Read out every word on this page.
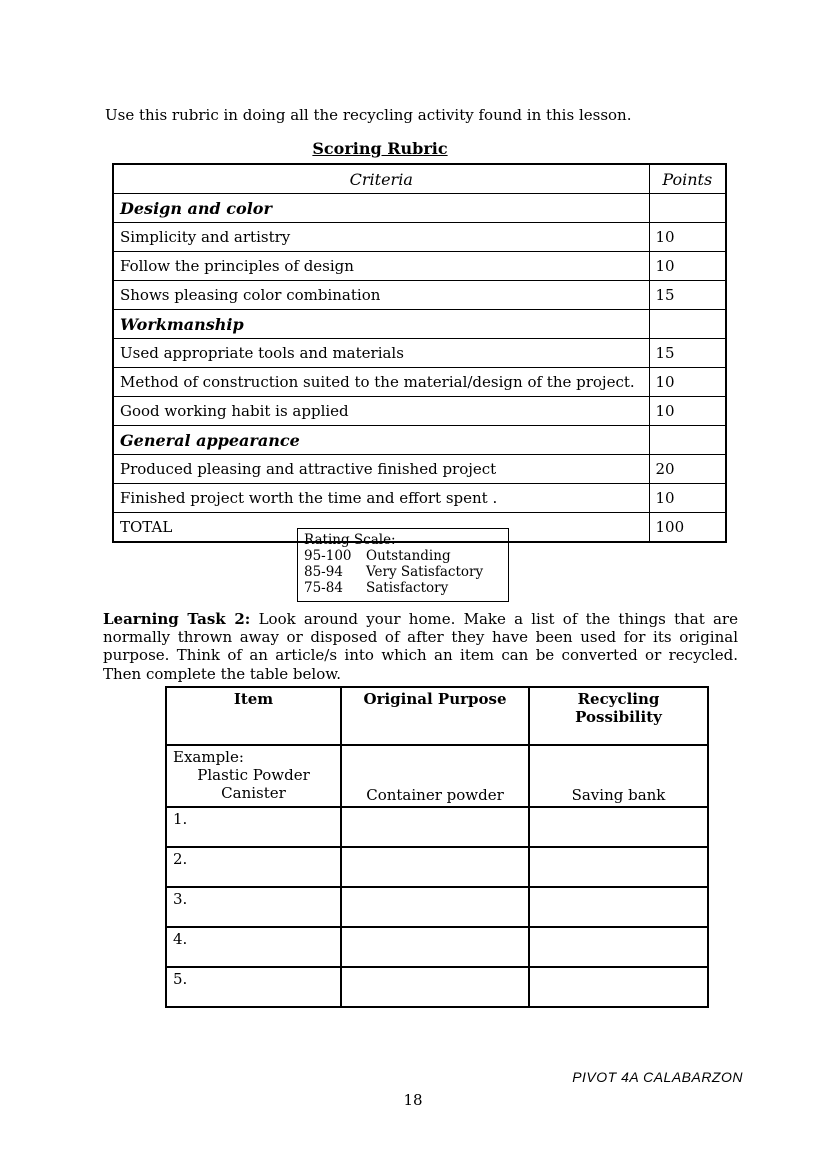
Use this rubric in doing all the recycling activity found in this lesson.
Scoring Rubric
Criteria	Points
Design and color	
Simplicity and artistry	10
Follow the principles of design	10
Shows pleasing color combination	15
Workmanship	
Used appropriate tools and materials	15
Method of construction suited to the material/design of the project.	10
Good working habit is applied	10
General appearance	
Produced pleasing and attractive finished project	20
Finished project worth the time and effort spent .	10
TOTAL	100
Rating Scale:
95-100	Outstanding
85-94	Very Satisfactory
75-84	Satisfactory
Learning Task 2: Look around your home. Make a list of the things that are normally thrown away or disposed of after they have been used for its original purpose. Think of an article/s into which an item can be converted or recycled. Then complete the table below.
Item	Original Purpose	Recycling Possibility

Example:
Plastic Powder
Canister	Container powder	Saving bank
1.		
2.		
3.		
4.		
5.		
PIVOT 4A CALABARZON
18
